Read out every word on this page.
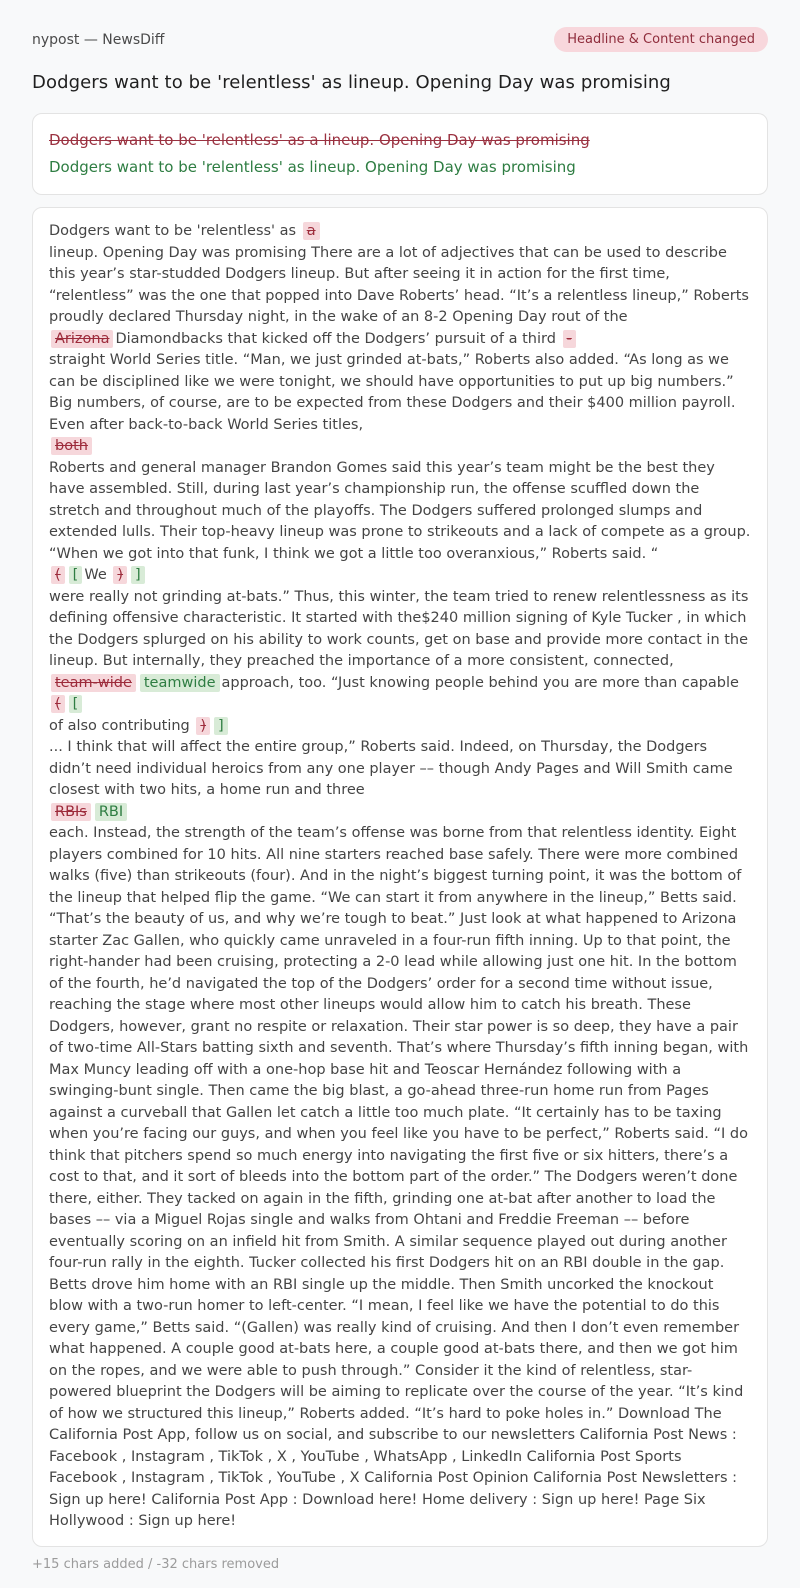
nypost — NewsDiff	Headline & Content changed
Dodgers want to be 'relentless' as lineup. Opening Day was promising
Dodgers want to be 'relentless' as a lineup. Opening Day was promising
Dodgers want to be 'relentless' as lineup. Opening Day was promising
Dodgers want to be 'relentless' as a
lineup. Opening Day was promising There are a lot of adjectives that can be used to describe this year’s star-studded Dodgers lineup. But after seeing it in action for the first time, “relentless” was the one that popped into Dave Roberts’ head. “It’s a relentless lineup,” Roberts proudly declared Thursday night, in the wake of an 8-2 Opening Day rout of the
Arizona Diamondbacks that kicked off the Dodgers’ pursuit of a third -
straight World Series title. “Man, we just grinded at-bats,” Roberts also added. “As long as we can be disciplined like we were tonight, we should have opportunities to put up big numbers.” Big numbers, of course, are to be expected from these Dodgers and their $400 million payroll. Even after back-to-back World Series titles,
both
Roberts and general manager Brandon Gomes said this year’s team might be the best they have assembled. Still, during last year’s championship run, the offense scuffled down the stretch and throughout much of the playoffs. The Dodgers suffered prolonged slumps and extended lulls. Their top-heavy lineup was prone to strikeouts and a lack of compete as a group. “When we got into that funk, I think we got a little too overanxious,” Roberts said. “
( [ We ) ]
were really not grinding at-bats.” Thus, this winter, the team tried to renew relentlessness as its defining offensive characteristic. It started with the$240 million signing of Kyle Tucker , in which the Dodgers splurged on his ability to work counts, get on base and provide more contact in the lineup. But internally, they preached the importance of a more consistent, connected,
team-wide teamwide approach, too. “Just knowing people behind you are more than capable ( [
of also contributing ) ]
... I think that will affect the entire group,” Roberts said. Indeed, on Thursday, the Dodgers didn’t need individual heroics from any one player –– though Andy Pages and Will Smith came closest with two hits, a home run and three
RBIs RBI
each. Instead, the strength of the team’s offense was borne from that relentless identity. Eight players combined for 10 hits. All nine starters reached base safely. There were more combined walks (five) than strikeouts (four). And in the night’s biggest turning point, it was the bottom of the lineup that helped flip the game. “We can start it from anywhere in the lineup,” Betts said. “That’s the beauty of us, and why we’re tough to beat.” Just look at what happened to Arizona starter Zac Gallen, who quickly came unraveled in a four-run fifth inning. Up to that point, the right-hander had been cruising, protecting a 2-0 lead while allowing just one hit. In the bottom of the fourth, he’d navigated the top of the Dodgers’ order for a second time without issue, reaching the stage where most other lineups would allow him to catch his breath. These Dodgers, however, grant no respite or relaxation. Their star power is so deep, they have a pair of two-time All-Stars batting sixth and seventh. That’s where Thursday’s fifth inning began, with Max Muncy leading off with a one-hop base hit and Teoscar Hernández following with a swinging-bunt single. Then came the big blast, a go-ahead three-run home run from Pages against a curveball that Gallen let catch a little too much plate. “It certainly has to be taxing when you’re facing our guys, and when you feel like you have to be perfect,” Roberts said. “I do think that pitchers spend so much energy into navigating the first five or six hitters, there’s a cost to that, and it sort of bleeds into the bottom part of the order.” The Dodgers weren’t done there, either. They tacked on again in the fifth, grinding one at-bat after another to load the bases –– via a Miguel Rojas single and walks from Ohtani and Freddie Freeman –– before eventually scoring on an infield hit from Smith. A similar sequence played out during another four-run rally in the eighth. Tucker collected his first Dodgers hit on an RBI double in the gap. Betts drove him home with an RBI single up the middle. Then Smith uncorked the knockout blow with a two-run homer to left-center. “I mean, I feel like we have the potential to do this every game,” Betts said. “(Gallen) was really kind of cruising. And then I don’t even remember what happened. A couple good at-bats here, a couple good at-bats there, and then we got him on the ropes, and we were able to push through.” Consider it the kind of relentless, star-powered blueprint the Dodgers will be aiming to replicate over the course of the year. “It’s kind of how we structured this lineup,” Roberts added. “It’s hard to poke holes in.” Download The California Post App, follow us on social, and subscribe to our newsletters California Post News : Facebook , Instagram , TikTok , X , YouTube , WhatsApp , LinkedIn California Post Sports Facebook , Instagram , TikTok , YouTube , X California Post Opinion California Post Newsletters : Sign up here! California Post App : Download here! Home delivery : Sign up here! Page Six Hollywood : Sign up here!
+15 chars added / -32 chars removed
